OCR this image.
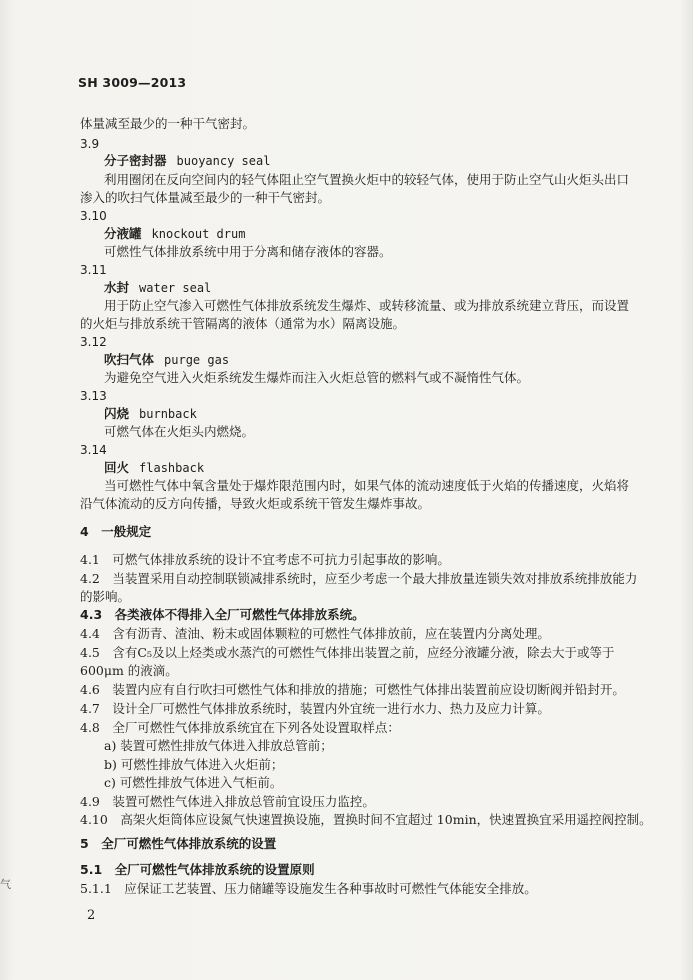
SH 3009—2013
体量减至最少的一种干气密封。
3.9
分子密封器 buoyancy seal
利用圈闭在反向空间内的轻气体阻止空气置换火炬中的较轻气体，使用于防止空气山火炬头出口
渗入的吹扫气体量减至最少的一种干气密封。
3.10
分液罐 knockout drum
可燃性气体排放系统中用于分离和储存液体的容器。
3.11
水封 water seal
用于防止空气渗入可燃性气体排放系统发生爆炸、或转移流量、或为排放系统建立背压，而设置
的火炬与排放系统干管隔离的液体（通常为水）隔离设施。
3.12
吹扫气体 purge gas
为避免空气进入火炬系统发生爆炸而注入火炬总管的燃料气或不凝惰性气体。
3.13
闪烧 burnback
可燃气体在火炬头内燃烧。
3.14
回火 flashback
当可燃性气体中氧含量处于爆炸限范围内时，如果气体的流动速度低于火焰的传播速度，火焰将
沿气体流动的反方向传播，导致火炬或系统干管发生爆炸事故。
4　一般规定
4.1　可燃气体排放系统的设计不宜考虑不可抗力引起事故的影响。
4.2　当装置采用自动控制联锁减排系统时，应至少考虑一个最大排放量连锁失效对排放系统排放能力
的影响。
4.3　各类液体不得排入全厂可燃性气体排放系统。
4.4　含有沥青、渣油、粉末或固体颗粒的可燃性气体排放前，应在装置内分离处理。
4.5　含有C₅及以上烃类或水蒸汽的可燃性气体排出装置之前，应经分液罐分液，除去大于或等于
600μm 的液滴。
4.6　装置内应有自行吹扫可燃性气体和排放的措施；可燃性气体排出装置前应设切断阀并铅封开。
4.7　设计全厂可燃性气体排放系统时，装置内外宜统一进行水力、热力及应力计算。
4.8　全厂可燃性气体排放系统宜在下列各处设置取样点：
a) 装置可燃性排放气体进入排放总管前；
b) 可燃性排放气体进入火炬前；
c) 可燃性排放气体进入气柜前。
4.9　装置可燃性气体进入排放总管前宜设压力监控。
4.10　高架火炬筒体应设氮气快速置换设施，置换时间不宜超过 10min，快速置换宜采用遥控阀控制。
5　全厂可燃性气体排放系统的设置
5.1　全厂可燃性气体排放系统的设置原则
5.1.1　应保证工艺装置、压力储罐等设施发生各种事故时可燃性气体能安全排放。
2
气
